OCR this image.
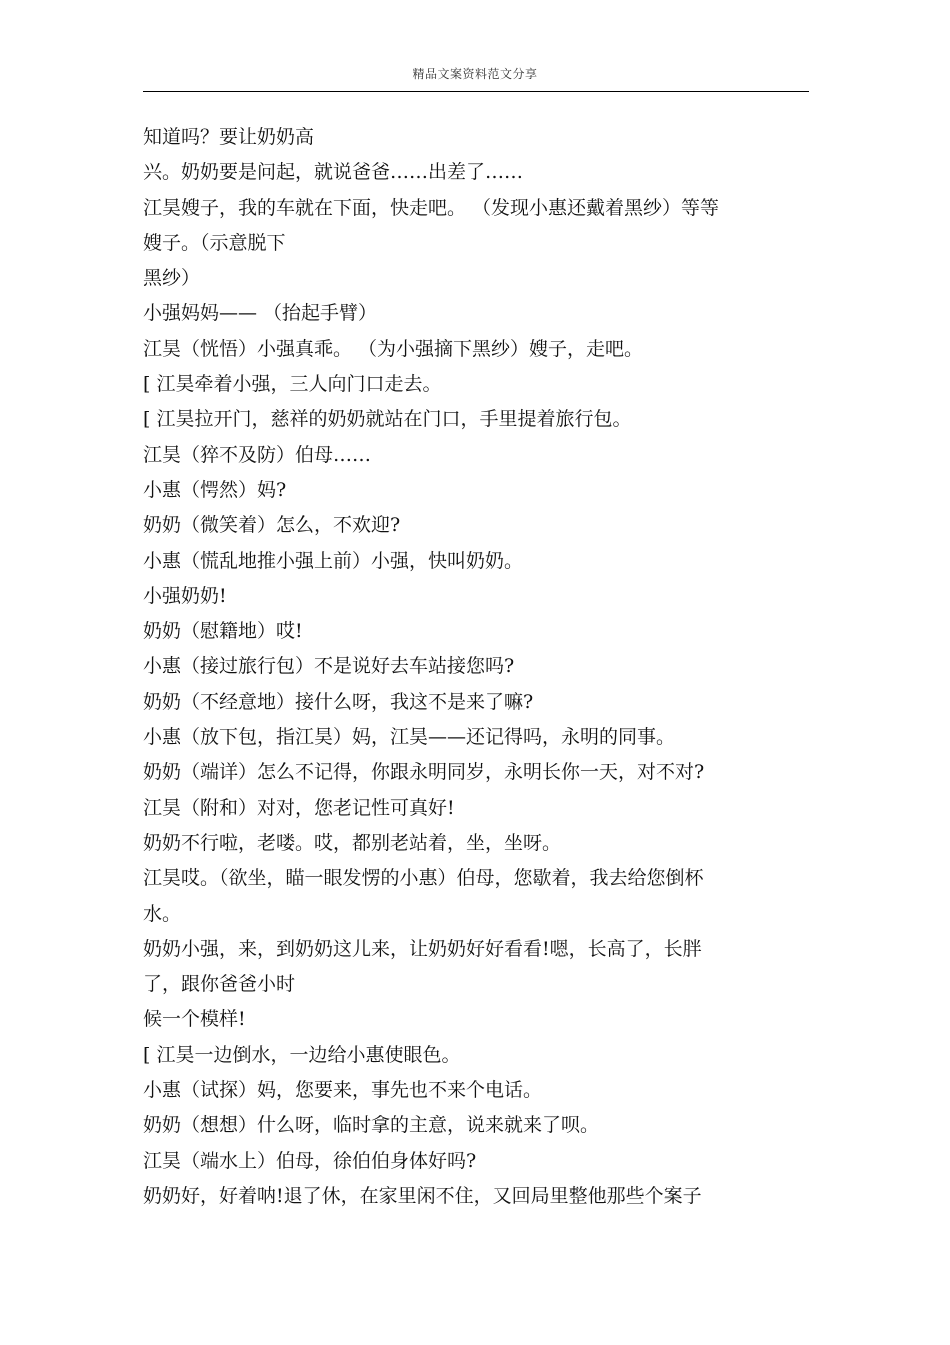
精品文案资料范文分享

知道吗？要让奶奶高

兴。奶奶要是问起，就说爸爸……出差了……

江昊嫂子，我的车就在下面，快走吧。 （发现小惠还戴着黑纱）等等

嫂子。（示意脱下

黑纱）

小强妈妈—— （抬起手臂）

江昊（恍悟）小强真乖。 （为小强摘下黑纱）嫂子，走吧。

[ 江昊牵着小强，三人向门口走去。

[ 江昊拉开门，慈祥的奶奶就站在门口，手里提着旅行包。

江昊（猝不及防）伯母……

小惠（愕然）妈?

奶奶（微笑着）怎么，不欢迎?

小惠（慌乱地推小强上前）小强，快叫奶奶。

小强奶奶!

奶奶（慰籍地）哎!

小惠（接过旅行包）不是说好去车站接您吗?

奶奶（不经意地）接什么呀，我这不是来了嘛?

小惠（放下包，指江昊）妈，江昊——还记得吗，永明的同事。

奶奶（端详）怎么不记得，你跟永明同岁，永明长你一天，对不对?

江昊（附和）对对，您老记性可真好!

奶奶不行啦，老喽。哎，都别老站着，坐，坐呀。

江昊哎。（欲坐，瞄一眼发愣的小惠）伯母，您歇着，我去给您倒杯

水。

奶奶小强，来，到奶奶这儿来，让奶奶好好看看!嗯，长高了，长胖

了，跟你爸爸小时

候一个模样!

[ 江昊一边倒水，一边给小惠使眼色。

小惠（试探）妈，您要来，事先也不来个电话。

奶奶（想想）什么呀，临时拿的主意，说来就来了呗。

江昊（端水上）伯母，徐伯伯身体好吗?

奶奶好，好着呐!退了休，在家里闲不住，又回局里整他那些个案子
